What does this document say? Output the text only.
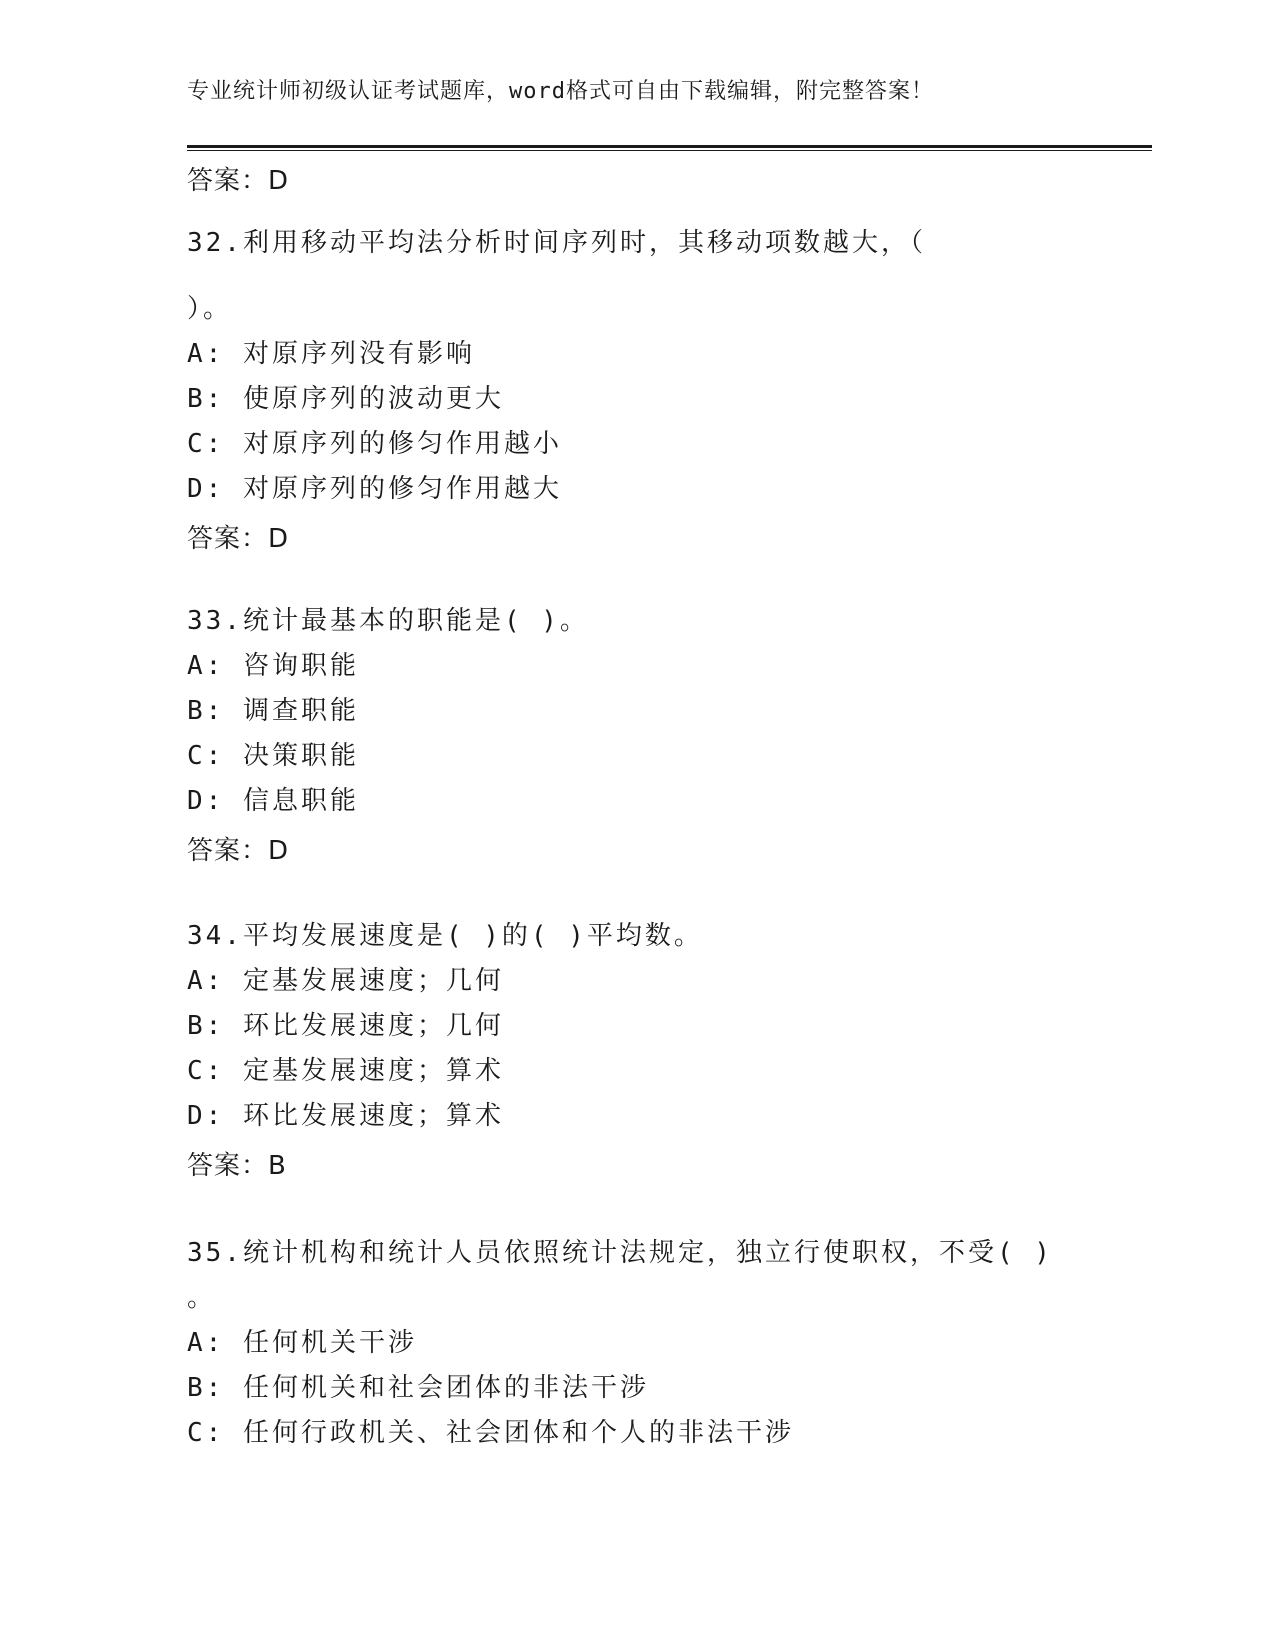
专业统计师初级认证考试题库，word格式可自由下载编辑，附完整答案！
答案：D
32.利用移动平均法分析时间序列时，其移动项数越大，（
）。
A: 对原序列没有影响
B: 使原序列的波动更大
C: 对原序列的修匀作用越小
D: 对原序列的修匀作用越大
答案：D
33.统计最基本的职能是( )。
A: 咨询职能
B: 调查职能
C: 决策职能
D: 信息职能
答案：D
34.平均发展速度是( )的( )平均数。
A: 定基发展速度；几何
B: 环比发展速度；几何
C: 定基发展速度；算术
D: 环比发展速度；算术
答案：B
35.统计机构和统计人员依照统计法规定，独立行使职权，不受( )
。
A: 任何机关干涉
B: 任何机关和社会团体的非法干涉
C: 任何行政机关、社会团体和个人的非法干涉
